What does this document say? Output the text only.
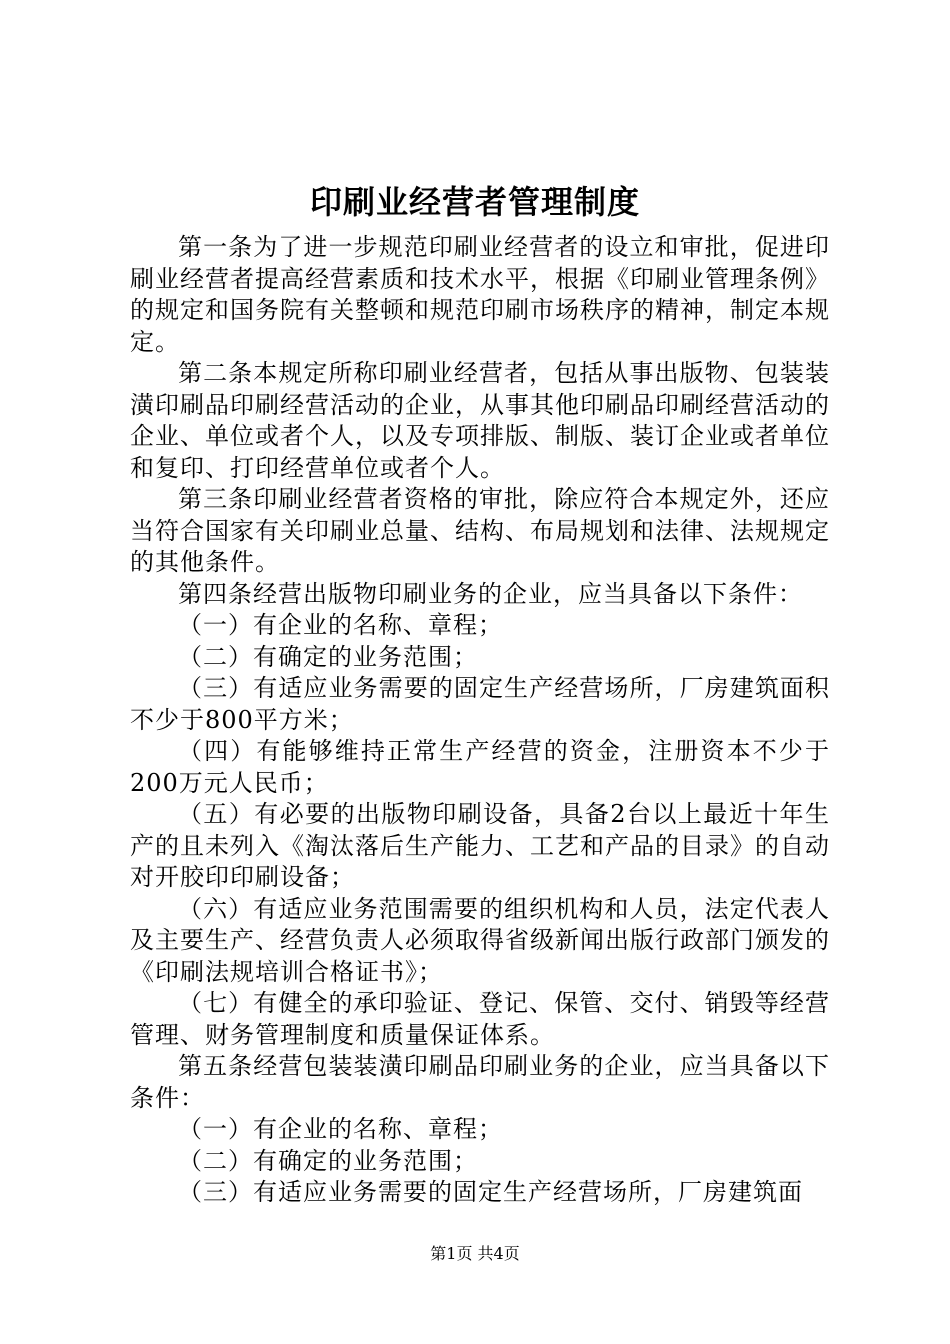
印刷业经营者管理制度

第一条为了进一步规范印刷业经营者的设立和审批，促进印刷业经营者提高经营素质和技术水平，根据《印刷业管理条例》的规定和国务院有关整顿和规范印刷市场秩序的精神，制定本规定。

第二条本规定所称印刷业经营者，包括从事出版物、包装装潢印刷品印刷经营活动的企业，从事其他印刷品印刷经营活动的企业、单位或者个人，以及专项排版、制版、装订企业或者单位和复印、打印经营单位或者个人。

第三条印刷业经营者资格的审批，除应符合本规定外，还应当符合国家有关印刷业总量、结构、布局规划和法律、法规规定的其他条件。

第四条经营出版物印刷业务的企业，应当具备以下条件：

（一）有企业的名称、章程；

（二）有确定的业务范围；

（三）有适应业务需要的固定生产经营场所，厂房建筑面积不少于800平方米；

（四）有能够维持正常生产经营的资金，注册资本不少于200万元人民币；

（五）有必要的出版物印刷设备，具备2台以上最近十年生产的且未列入《淘汰落后生产能力、工艺和产品的目录》的自动对开胶印印刷设备；

（六）有适应业务范围需要的组织机构和人员，法定代表人及主要生产、经营负责人必须取得省级新闻出版行政部门颁发的《印刷法规培训合格证书》；

（七）有健全的承印验证、登记、保管、交付、销毁等经营管理、财务管理制度和质量保证体系。

第五条经营包装装潢印刷品印刷业务的企业，应当具备以下条件：

（一）有企业的名称、章程；

（二）有确定的业务范围；

（三）有适应业务需要的固定生产经营场所，厂房建筑面

第1页 共4页
